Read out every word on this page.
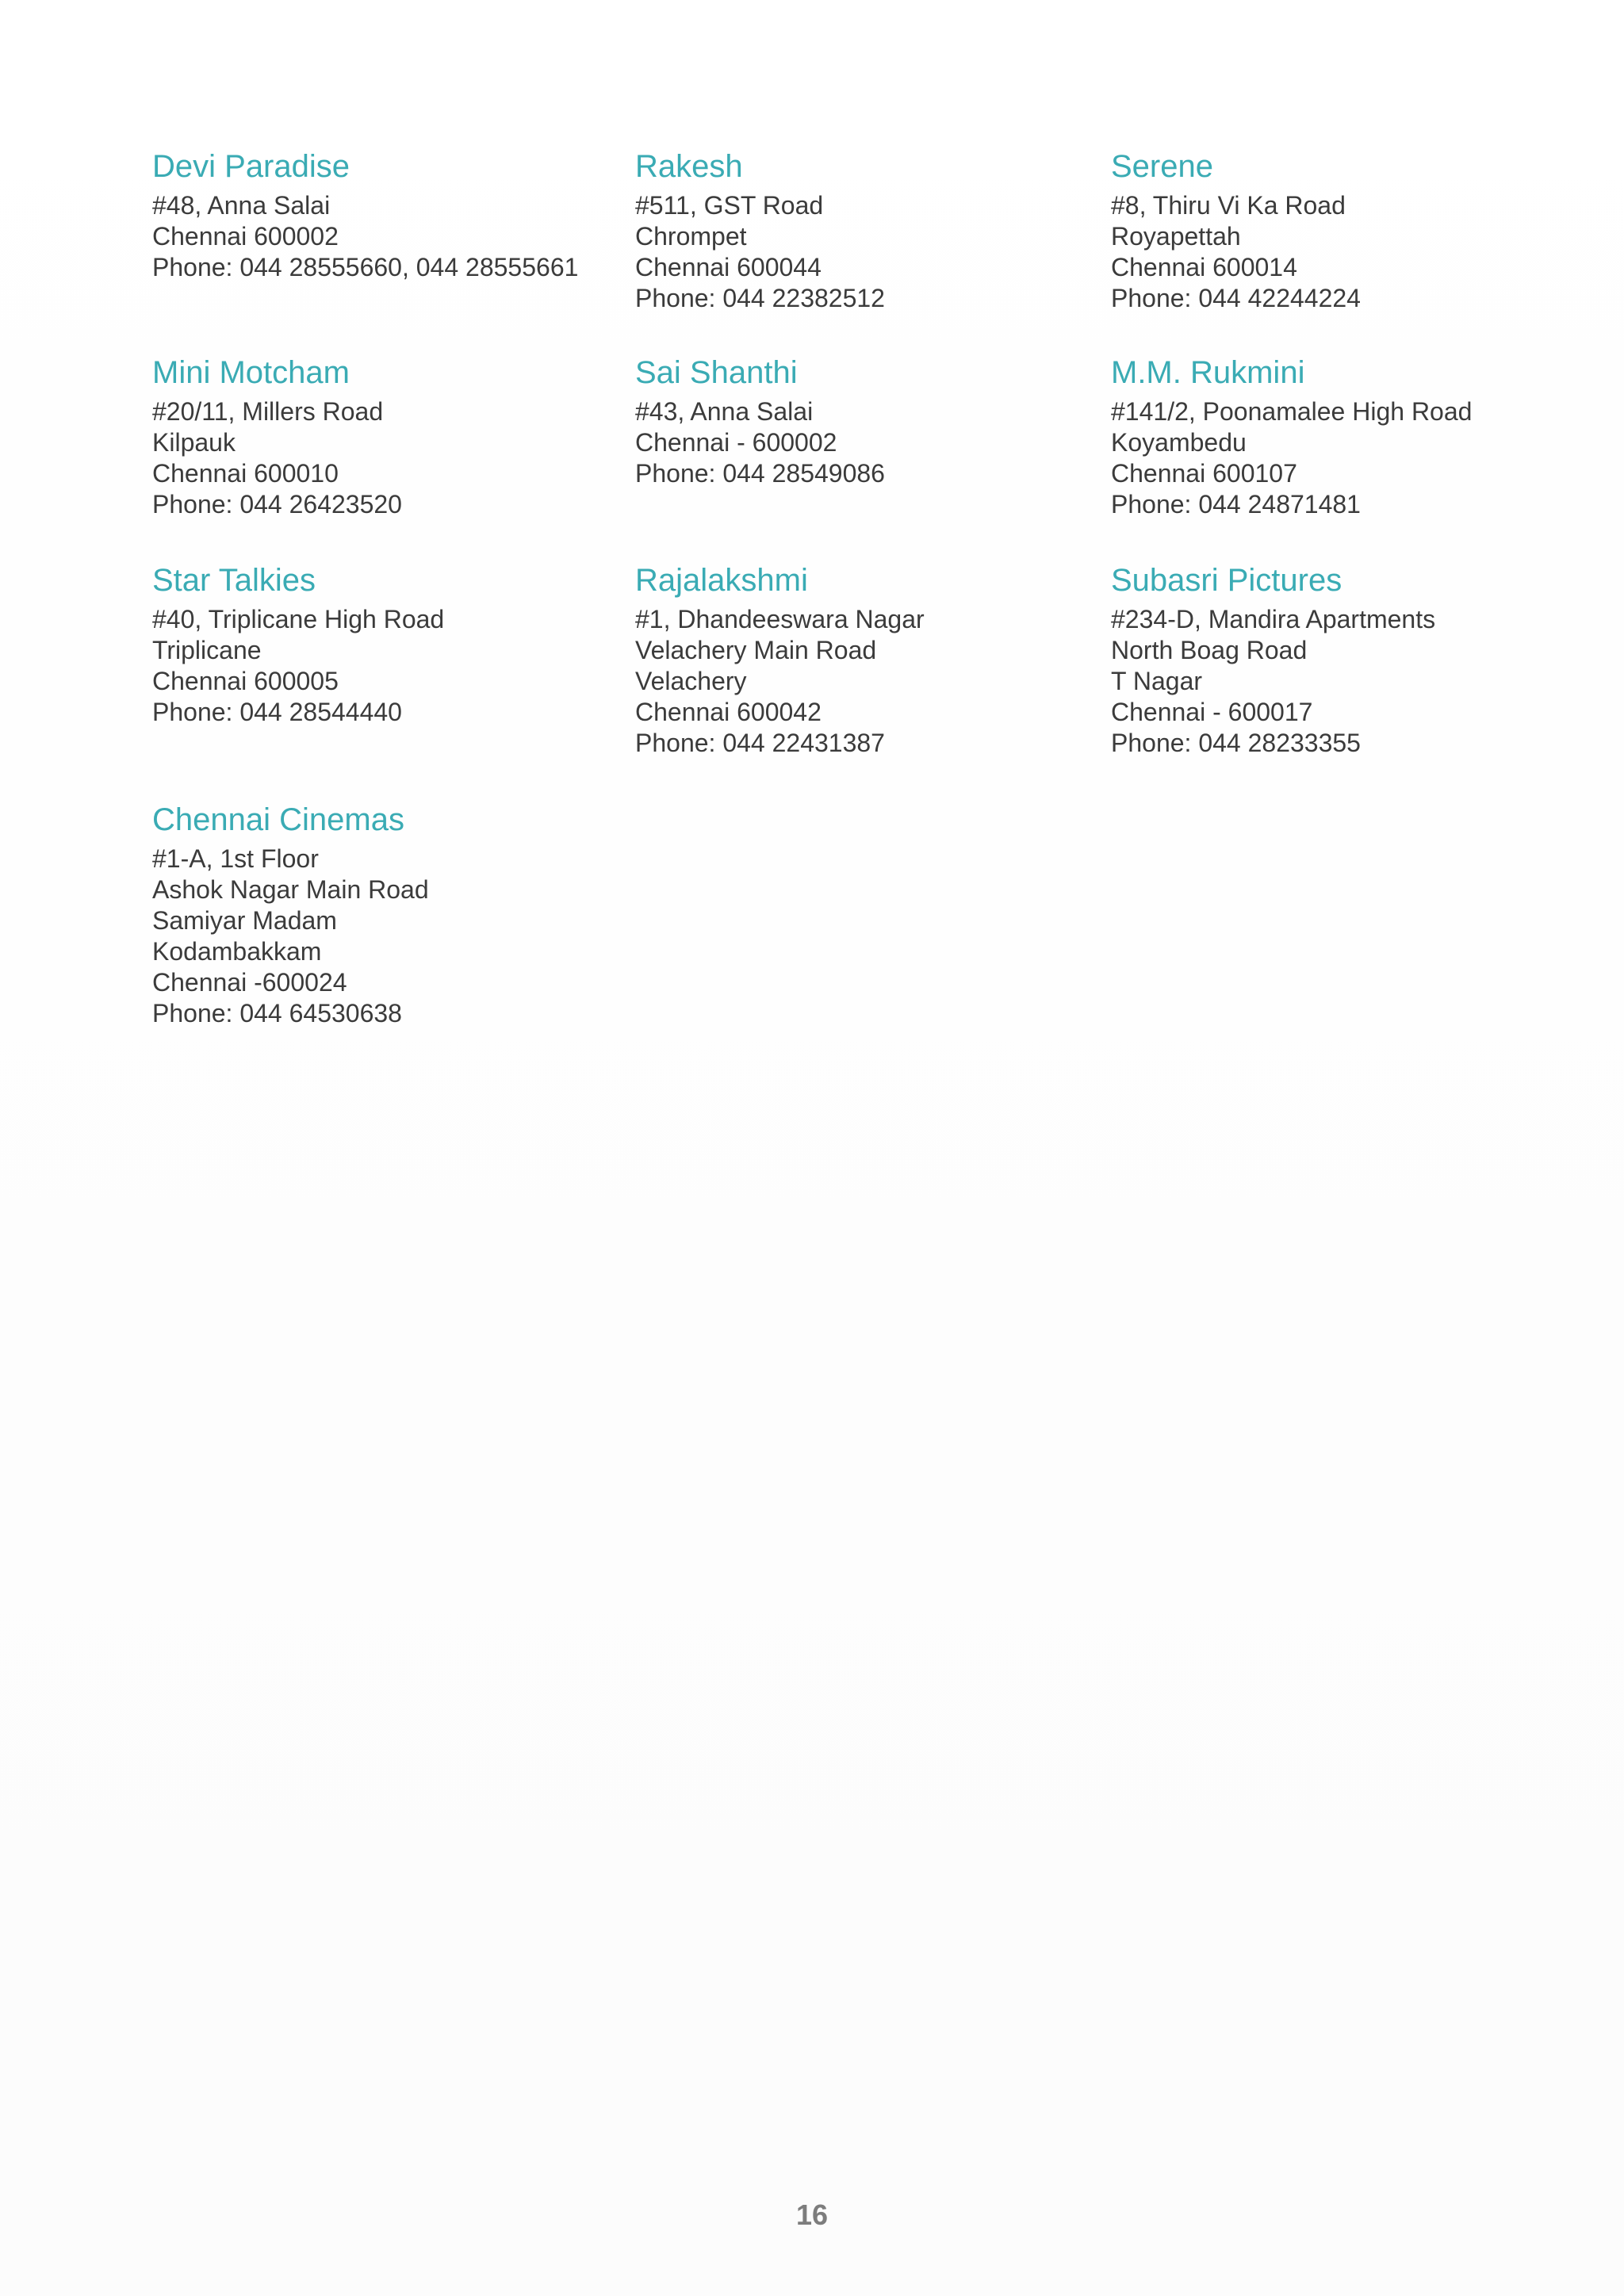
Devi Paradise
#48, Anna Salai
Chennai 600002
Phone: 044 28555660, 044 28555661
Rakesh
#511, GST Road
Chrompet
Chennai 600044
Phone: 044 22382512
Serene
#8, Thiru Vi Ka Road
Royapettah
Chennai 600014
Phone: 044 42244224
Mini Motcham
#20/11, Millers Road
Kilpauk
Chennai 600010
Phone: 044 26423520
Sai Shanthi
#43, Anna Salai
Chennai - 600002
Phone: 044 28549086
M.M. Rukmini
#141/2, Poonamalee High Road
Koyambedu
Chennai 600107
Phone: 044 24871481
Star Talkies
#40, Triplicane High Road
Triplicane
Chennai 600005
Phone: 044 28544440
Rajalakshmi
#1, Dhandeeswara Nagar
Velachery Main Road
Velachery
Chennai 600042
Phone: 044 22431387
Subasri Pictures
#234-D, Mandira Apartments
North Boag Road
T Nagar
Chennai - 600017
Phone: 044 28233355
Chennai Cinemas
#1-A, 1st Floor
Ashok Nagar Main Road
Samiyar Madam
Kodambakkam
Chennai -600024
Phone: 044 64530638
16
